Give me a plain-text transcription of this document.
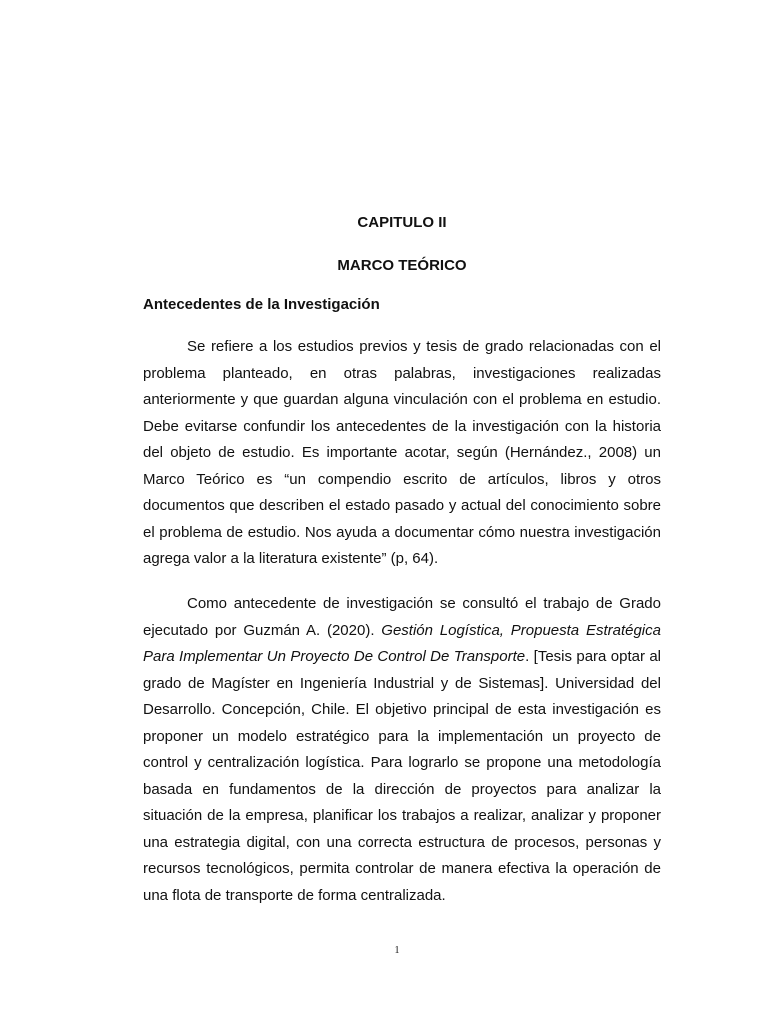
CAPITULO II
MARCO TEÓRICO
Antecedentes de la Investigación

Se refiere a los estudios previos y tesis de grado relacionadas con el problema planteado, en otras palabras, investigaciones realizadas anteriormente y que guardan alguna vinculación con el problema en estudio. Debe evitarse confundir los antecedentes de la investigación con la historia del objeto de estudio. Es importante acotar, según (Hernández., 2008) un Marco Teórico es “un compendio escrito de artículos, libros y otros documentos que describen el estado pasado y actual del conocimiento sobre el problema de estudio. Nos ayuda a documentar cómo nuestra investigación agrega valor a la literatura existente” (p, 64).

Como antecedente de investigación se consultó el trabajo de Grado ejecutado por Guzmán A. (2020). Gestión Logística, Propuesta Estratégica Para Implementar Un Proyecto De Control De Transporte. [Tesis para optar al grado de Magíster en Ingeniería Industrial y de Sistemas]. Universidad del Desarrollo. Concepción, Chile. El objetivo principal de esta investigación es proponer un modelo estratégico para la implementación un proyecto de control y centralización logística. Para lograrlo se propone una metodología basada en fundamentos de la dirección de proyectos para analizar la situación de la empresa, planificar los trabajos a realizar, analizar y proponer una estrategia digital, con una correcta estructura de procesos, personas y recursos tecnológicos, permita controlar de manera efectiva la operación de una flota de transporte de forma centralizada.

1
